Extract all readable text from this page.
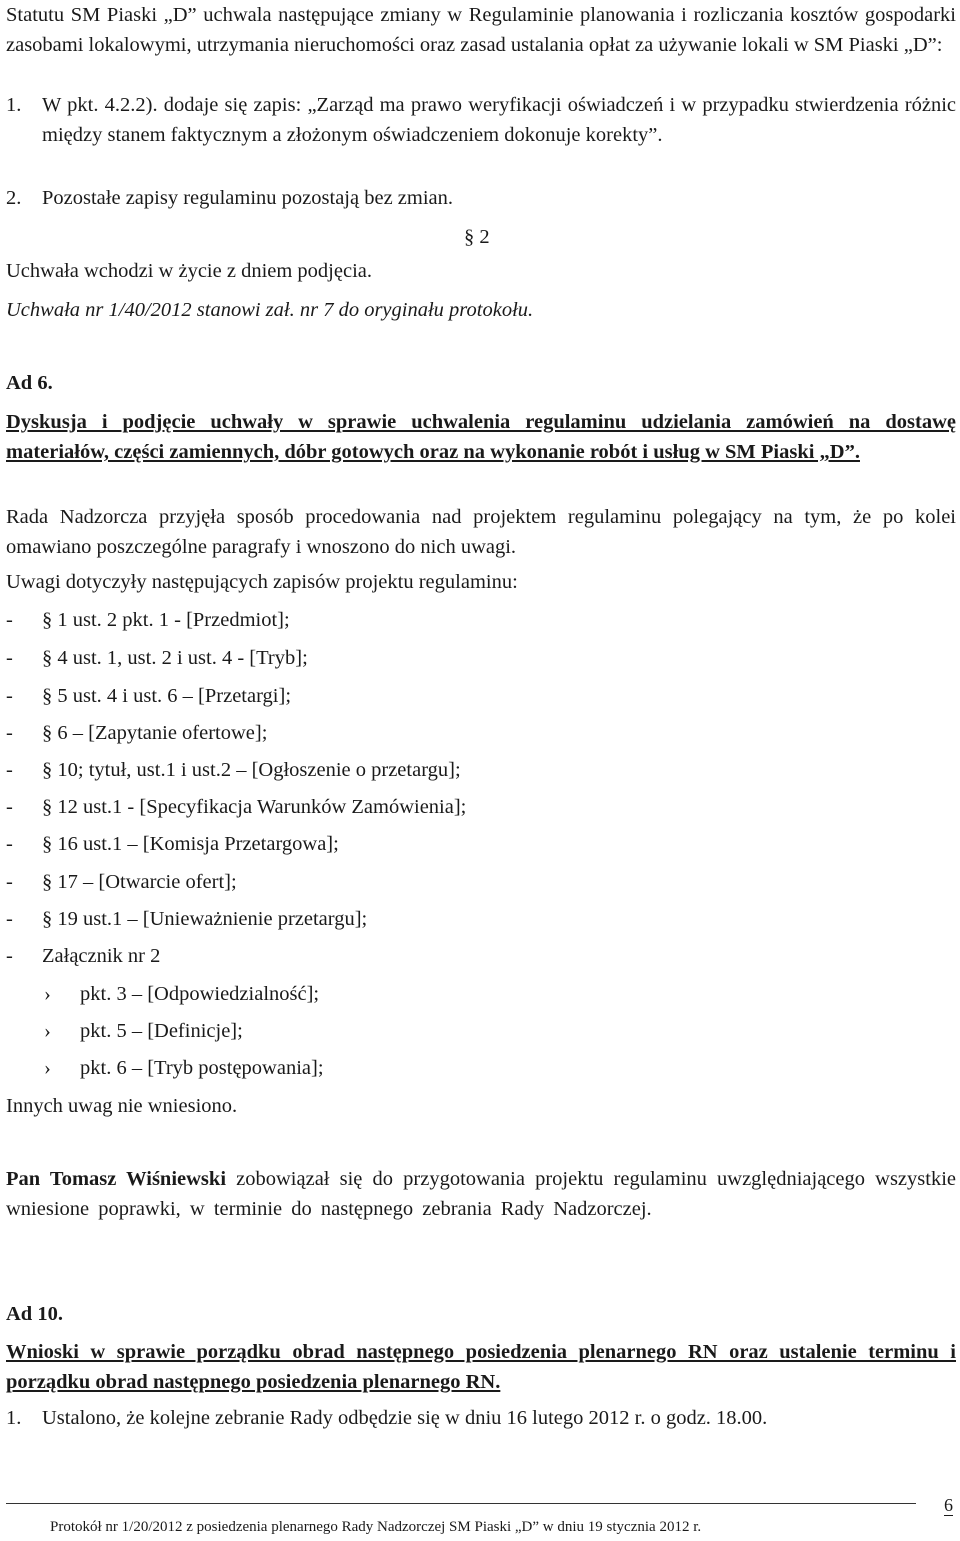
Statutu SM Piaski „D” uchwala następujące zmiany w Regulaminie planowania i rozliczania kosztów gospodarki zasobami lokalowymi, utrzymania nieruchomości oraz zasad ustalania opłat za używanie lokali w SM Piaski „D”:
1. W pkt. 4.2.2). dodaje się zapis: „Zarząd ma prawo weryfikacji oświadczeń i w przypadku stwierdzenia różnic między stanem faktycznym a złożonym oświadczeniem dokonuje korekty”.
2. Pozostałe zapisy regulaminu pozostają bez zmian.
§ 2
Uchwała wchodzi w życie z dniem podjęcia.
Uchwała nr 1/40/2012 stanowi zał. nr 7 do oryginału protokołu.
Ad 6.
Dyskusja i podjęcie uchwały w sprawie uchwalenia regulaminu udzielania zamówień na dostawę materiałów, części zamiennych, dóbr gotowych oraz na wykonanie robót i usług w SM Piaski „D”.
Rada Nadzorcza przyjęła sposób procedowania nad projektem regulaminu polegający na tym, że po kolei omawiano poszczególne paragrafy i wnoszono do nich uwagi.
Uwagi dotyczyły następujących zapisów projektu regulaminu:
- § 1 ust. 2 pkt. 1 - [Przedmiot];
- § 4 ust. 1, ust. 2 i ust. 4 - [Tryb];
- § 5 ust. 4 i ust. 6 – [Przetargi];
- § 6 – [Zapytanie ofertowe];
- § 10; tytuł, ust.1 i ust.2 – [Ogłoszenie o przetargu];
- § 12 ust.1 - [Specyfikacja Warunków Zamówienia];
- § 16 ust.1 – [Komisja Przetargowa];
- § 17 – [Otwarcie ofert];
- § 19 ust.1 – [Unieważnienie przetargu];
- Załącznik nr 2
› pkt. 3 – [Odpowiedzialność];
› pkt. 5 – [Definicje];
› pkt. 6 – [Tryb postępowania];
Innych uwag nie wniesiono.
Pan Tomasz Wiśniewski zobowiązał się do przygotowania projektu regulaminu uwzględniającego wszystkie wniesione poprawki, w terminie do następnego zebrania Rady Nadzorczej.
Ad 10.
Wnioski w sprawie porządku obrad następnego posiedzenia plenarnego RN oraz ustalenie terminu i porządku obrad następnego posiedzenia plenarnego RN.
1. Ustalono, że kolejne zebranie Rady odbędzie się w dniu 16 lutego 2012 r. o godz. 18.00.
Protokół nr 1/20/2012 z posiedzenia plenarnego Rady Nadzorczej SM Piaski „D” w dniu 19 stycznia 2012 r.
6
